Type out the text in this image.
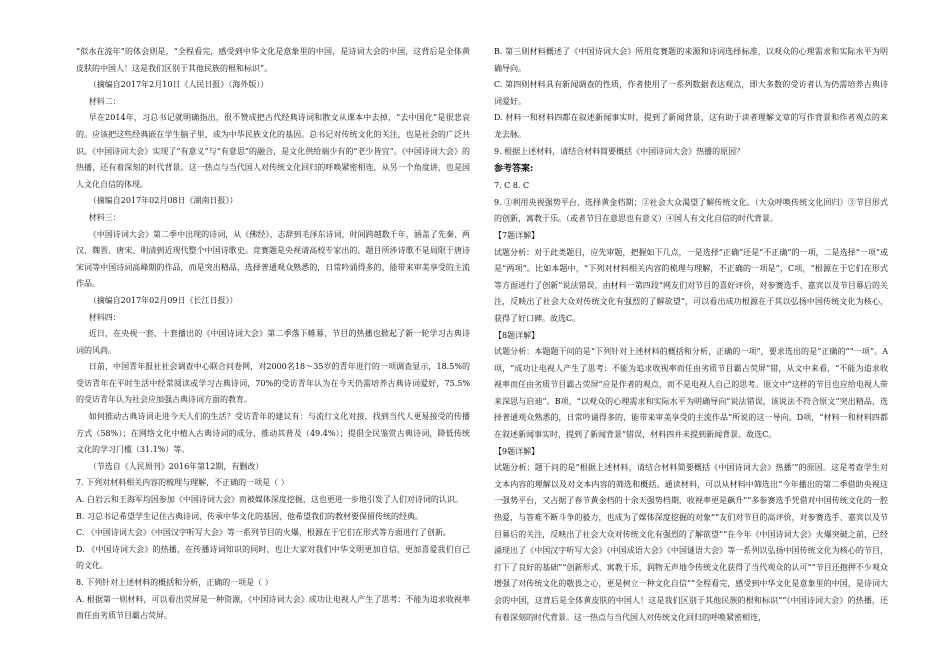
“似水在流年”的体会则是，“全程看完，感受到中华文化是意象里的中国，是诗词大会的中国，这背后是全体黄皮肤的中国人！这是我们区别于其他民族的根和标识”。

（摘编自2017年2月10日《人民日报》（海外版））

材料二：

早在2014年，习总书记就明确指出，很不赞成把古代经典诗词和散文从课本中去掉，“去中国化”是很悲哀的。应该把这些经典嵌在学生脑子里，成为中华民族文化的基因。总书记对传统文化的关注，也是社会的广泛共识。《中国诗词大会》实现了“有意义”与“有意思”的融合，是文化供给端少有的“老少皆宜”。《中国诗词大会》的热播，还有着深刻的时代背景。这一热点与当代国人对传统文化回归的呼唤紧密相连，从另一个角度讲，也是国人文化自信的体现。

（摘编自2017年02月08日《湖南日报》）

材料三：

《中国诗词大会》第二季中出现的诗词，从《佛经》、志辞到毛泽东诗词，时间跨越数千年，涵盖了先秦、两汉、魏晋、唐宋、明清到近现代整个中国诗歌史。竞赛题是央视请高校专家出的，题目所涉诗歌不是局限于唐诗宋词等中国诗词高峰期的作品，而是突出精品，选择普通观众熟悉的，日常吟诵得多的，能带来审美享受的主流作品。

（摘编自2017年02月09日《长江日报》）

材料四：

近日，在央视一套、十套播出的《中国诗词大会》第二季落下帷幕，节目的热播也掀起了新一轮学习古典诗词的风尚。

日前，中国青年报社社会调查中心联合问卷网，对2000名18～35岁的青年进行的一项调查显示，18.5%的受访青年在平时生活中经常阅读或学习古典诗词，70%的受访青年认为在今天仍需培养古典诗词爱好，75.5%的受访青年认为社会应加强古典诗词方面的教育。

如何推动古典诗词走进今天人们的生活？受访青年的建议有：与流行文化对接，找到当代人更易接受的传播方式（58%）；在网络文化中植入古典诗词的成分，推动其普及（49.4%）；提倡全民鉴赏古典诗词，降低传统文化的学习门槛（31.1%）等。

（节选自《人民周刊》2016年第12期，有删改）

7. 下列对材料相关内容的梳理与理解，不正确的一项是（ ）

A. 白岩云和王海军均因参加《中国诗词大会》而被媒体深度挖掘，这也更进一步地引发了人们对诗词的认识。

B. 习总书记希望学生记住古典诗词，传承中华文化的基因，他希望我们的教材要保留传统的经典。

C. 《中国诗词大会》《中国汉字听写大会》等一系列节目的火爆，根源在于它们在形式等方面进行了创新。

D. 《中国诗词大会》的热播，在传播诗词知识的同时，也让大家对我们中华文明更加自信，更加喜爱我们自己的文化。

8. 下列针对上述材料的概括和分析，正确的一项是（ ）

A. 根据第一则材料，可以看出荧屏是一种资源，《中国诗词大会》成功让电视人产生了思考：不能为追求收视率而任由劣质节目霸占荧屏。

B. 第三则材料概述了《中国诗词大会》所用竞赛题的来源和诗词选择标准，以观众的心理需求和实际水平为明确导向。

C. 第四则材料具有新闻调查的性质，作者使用了一系列数据表达观点，即大多数的受访者认为仍需培养古典诗词爱好。

D. 材料一和材料四都在叙述新闻事实时，提到了新闻背景，这有助于读者理解文章的写作背景和作者观点的来龙去脉。

9. 根据上述材料，请结合材料简要概括《中国诗词大会》热播的原因？

参考答案:

7. C 8. C

9. ①利用央视强势平台，选择黄金档期；②社会大众渴望了解传统文化。（大众呼唤传统文化回归）③节目形式的创新，寓教于乐。（或者节目在意思也有意义）④国人有文化自信的时代背景。

【7题详解】

试题分析：对于此类题目，应先审题，把握如下几点，一是选择“正确”还是“不正确”的一项，二是选择“一项”或是“两项”。比如本题中，“下列对材料相关内容的梳理与理解，不正确的一项是”，C项，“根源在于它们在形式等方面进行了创新”说法错误，由材料一第四段“网友们对节目的喜好评价，对参赛选手、嘉宾以及节目幕后的关注，反映出了社会大众对传统文化有强烈的了解欲望”，可以看出成功根源在于其以弘扬中国传统文化为核心，获得了好口碑。故选C。

【8题详解】

试题分析：本题题干问的是“下列针对上述材料的概括和分析，正确的一项”，要求选出的是“正确的”“一项”。A项，“成功让电视人产生了思考：不能为追求收视率而任由劣质节目霸占荧屏”错，从文中来看，“不能为追求收视率而任由劣质节目霸占荧屏”应是作者的观点，而不是电视人自己的思考。原文中“这样的节目也应给电视人带来深思与启迪”。B项，“以观众的心理需求和实际水平为明确导向”说法错误，该说法不符合原文“突出精品，选择普通观众熟悉的，日常吟诵得多的，能带来审美享受的主流作品”所说的这一导向。D项，“材料一和材料四都在叙述新闻事实时，提到了新闻背景”错误，材料四并未提到新闻背景。故选C。

【9题详解】

试题分析：题干问的是“根据上述材料，请结合材料简要概括《中国诗词大会》热播’”的原因。这是考查学生对文本内容的理解以及对文本内容的筛选和概括。通读材料，可以从材料中筛选出“今年播出的第二季借助央视这一强势平台，又占据了春节黄金档的十余天强势档期，收视率更是飙升”“多参赛选手凭借对中国传统文化的一腔热爱，与答难不断斗争的毅力，也成为了媒体深度挖掘的对象”“友们对节目的高评价，对参赛选手、嘉宾以及节目幕后的关注，反映出了社会大众对传统文化有强烈的了解欲望”“在今年《中国诗词大会》火爆突破之前，已经涌现出了《中国汉字听写大会》《中国成语大会》《中国谜语大会》等一系列以弘扬中国传统文化为核心的节目，打下了良好的基础”“创新形式、寓教于乐，润物无声地令传统文化获得了当代观众的认可”“节目还抱押不少观众增强了对传统文化的敬畏之心，更是树立一种文化自信”“全程看完，感受到中华文化是意象里的中国，是诗词大会的中国，这背后是全体黄皮肤的中国人！这是我们区别于其他民族的根和标识”“《中国诗词大会》的热播，还有着深刻的时代背景。这一热点与当代国人对传统文化回归的呼唤紧密相连，
